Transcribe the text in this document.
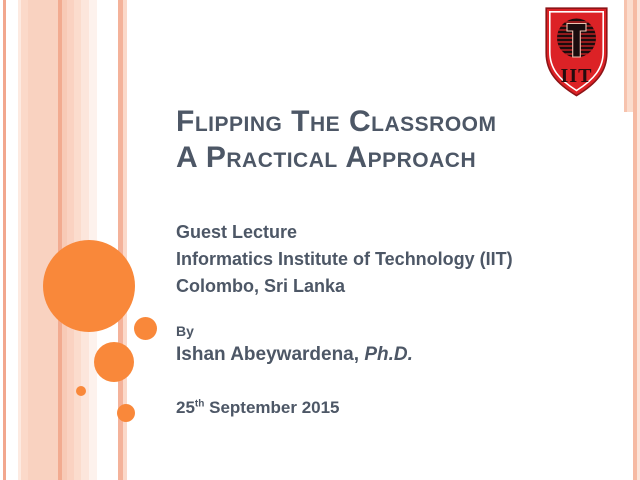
IIT
Flipping The Classroom
A Practical Approach
Guest Lecture
Informatics Institute of Technology (IIT)
Colombo, Sri Lanka
By
Ishan Abeywardena, Ph.D.
25th September 2015
